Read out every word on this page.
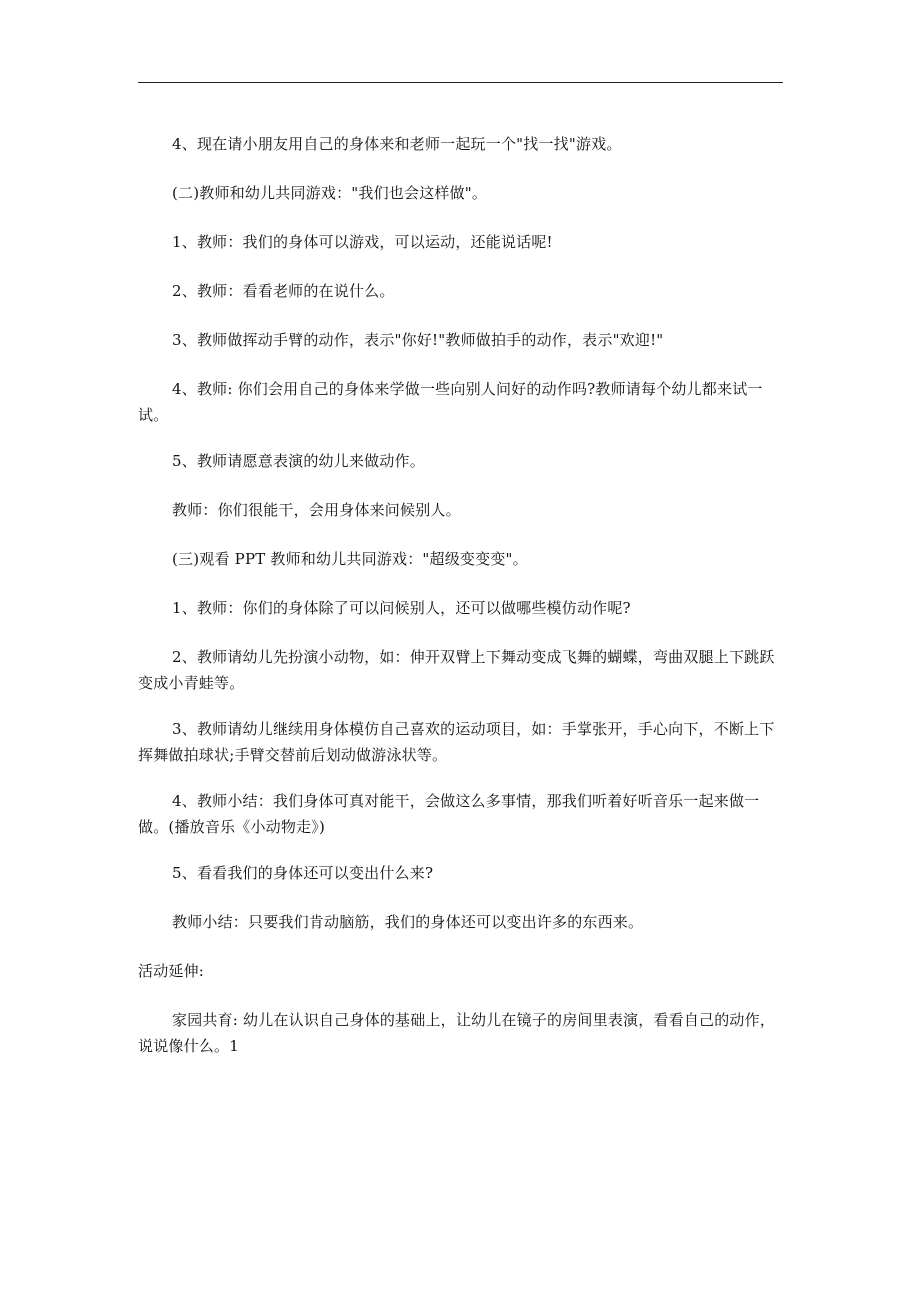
4、现在请小朋友用自己的身体来和老师一起玩一个"找一找"游戏。

(二)教师和幼儿共同游戏："我们也会这样做"。

1、教师：我们的身体可以游戏，可以运动，还能说话呢!

2、教师：看看老师的在说什么。

3、教师做挥动手臂的动作，表示"你好!"教师做拍手的动作，表示"欢迎!"

4、教师: 你们会用自己的身体来学做一些向别人问好的动作吗?教师请每个幼儿都来试一试。

5、教师请愿意表演的幼儿来做动作。

教师：你们很能干，会用身体来问候别人。

(三)观看 PPT 教师和幼儿共同游戏："超级变变变"。

1、教师：你们的身体除了可以问候别人，还可以做哪些模仿动作呢?

2、教师请幼儿先扮演小动物，如：伸开双臂上下舞动变成飞舞的蝴蝶，弯曲双腿上下跳跃变成小青蛙等。

3、教师请幼儿继续用身体模仿自己喜欢的运动项目，如：手掌张开，手心向下，不断上下挥舞做拍球状;手臂交替前后划动做游泳状等。

4、教师小结：我们身体可真对能干，会做这么多事情，那我们听着好听音乐一起来做一做。(播放音乐《小动物走》)

5、看看我们的身体还可以变出什么来?

教师小结：只要我们肯动脑筋，我们的身体还可以变出许多的东西来。

活动延伸:

家园共育: 幼儿在认识自己身体的基础上，让幼儿在镜子的房间里表演，看看自己的动作，说说像什么。1
